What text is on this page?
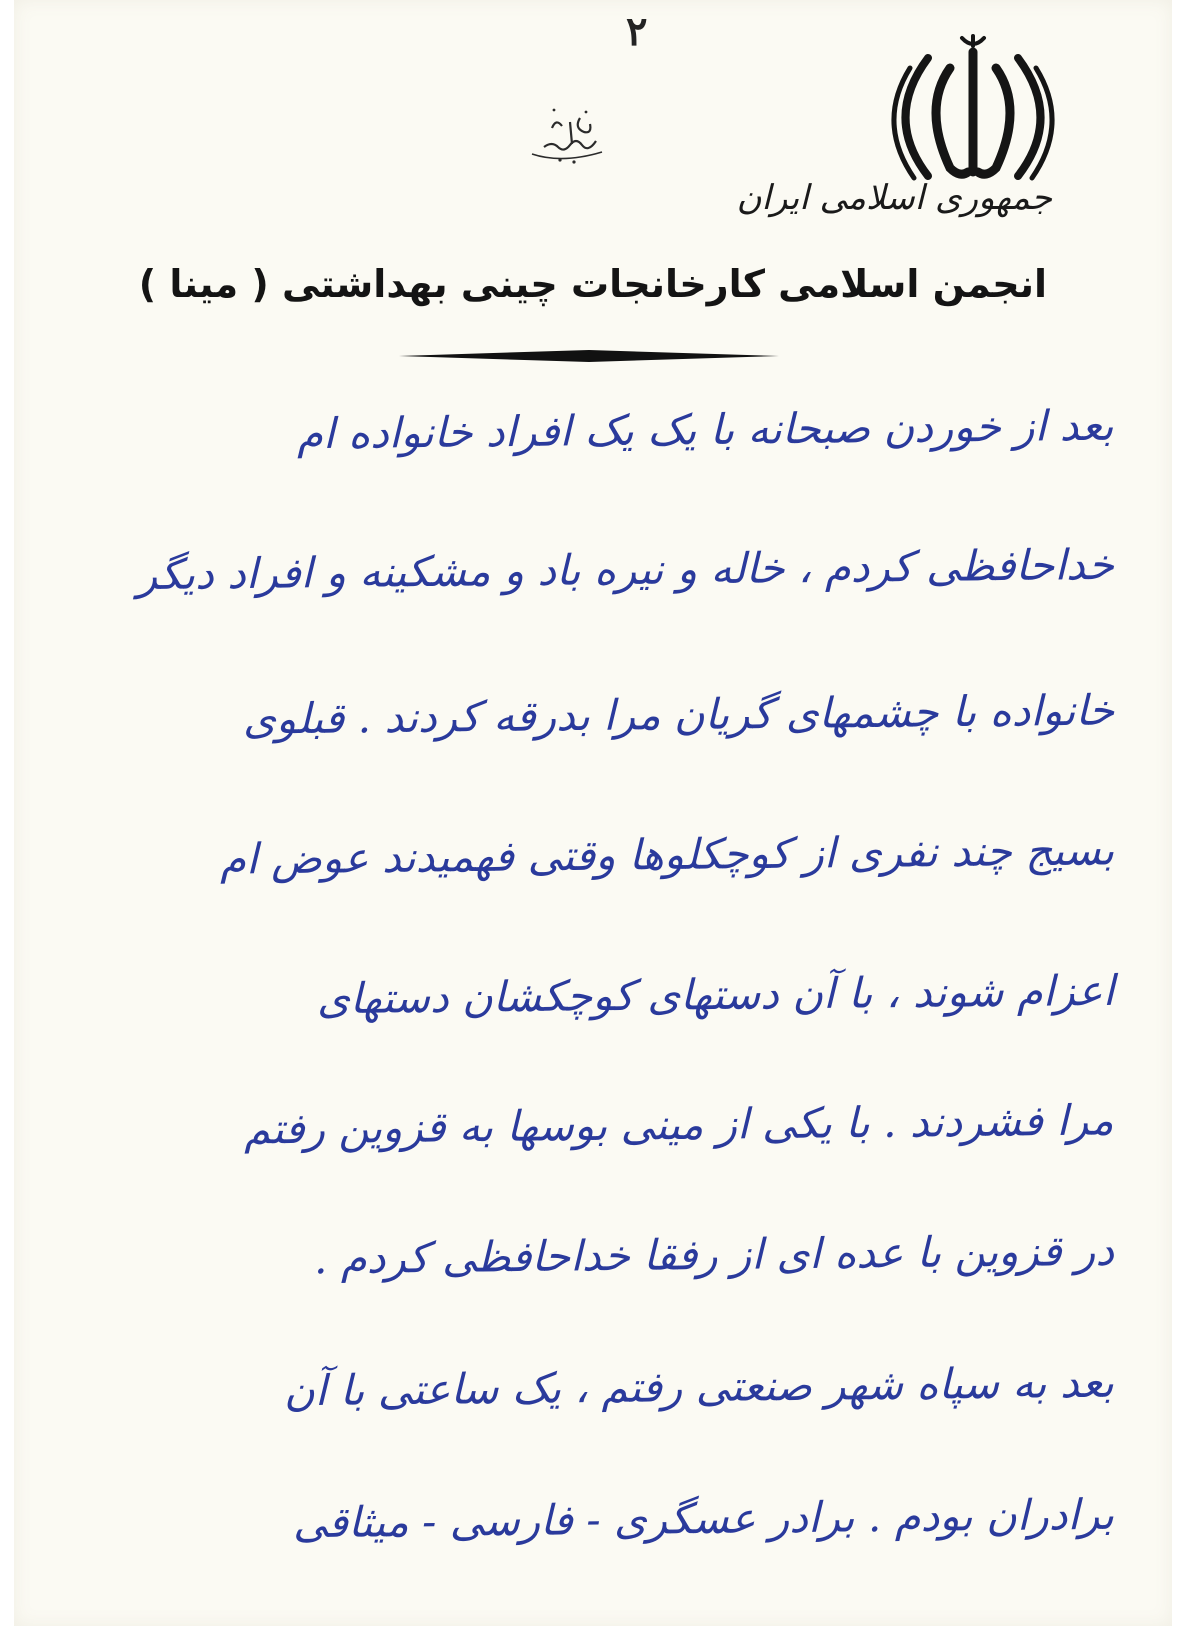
۲
جمهوری اسلامی ایران
انجمن اسلامی کارخانجات چینی بهداشتی ( مینا )
بعد از خوردن صبحانه با یک یک افراد خانواده ام
خداحافظی کردم ، خاله و نیره باد و مشکینه و افراد دیگر
خانواده با چشمهای گریان مرا بدرقه کردند . قبلوی
بسیج چند نفری از کوچکلوها وقتی فهمیدند عوض ام
اعزام شوند ، با آن دستهای کوچکشان دستهای
مرا فشردند . با یکی از مینی بوسها به قزوین رفتم
در قزوین با عده ای از رفقا خداحافظی کردم .
بعد به سپاه شهر صنعتی رفتم ، یک ساعتی با آن
برادران بودم . برادر عسگری - فارسی - میثاقی
